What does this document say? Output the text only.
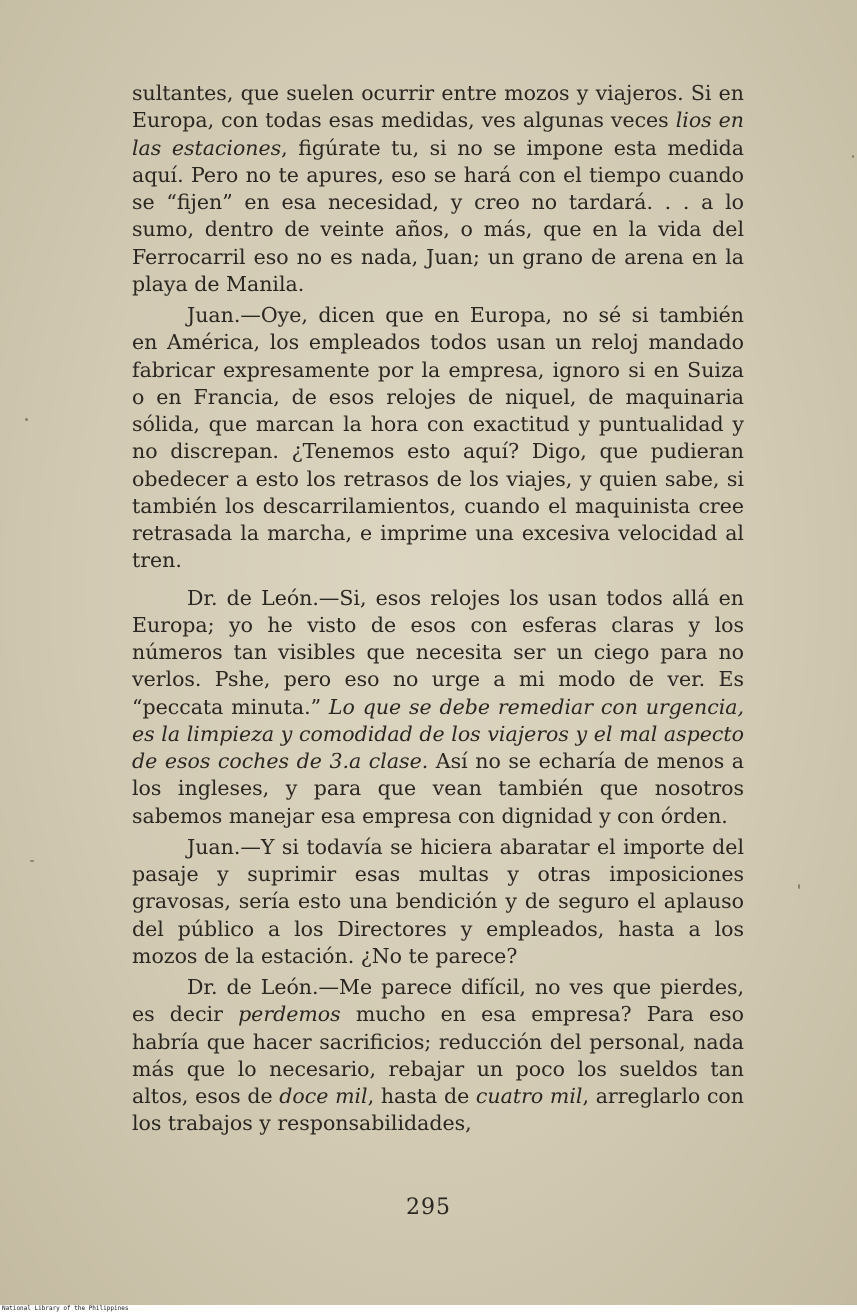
sultantes, que suelen ocurrir entre mozos y viajeros. Si en Europa, con todas esas medidas, ves algunas veces lios en las estaciones, figúrate tu, si no se impone esta medida aquí. Pero no te apures, eso se hará con el tiempo cuando se “fijen” en esa necesidad, y creo no tardará. . . a lo sumo, dentro de veinte años, o más, que en la vida del Ferrocarril eso no es nada, Juan; un grano de arena en la playa de Manila.

Juan.—Oye, dicen que en Europa, no sé si también en América, los empleados todos usan un reloj mandado fabricar expresamente por la empresa, ignoro si en Suiza o en Francia, de esos relojes de niquel, de maquinaria sólida, que marcan la hora con exactitud y puntualidad y no discrepan. ¿Tenemos esto aquí? Digo, que pudieran obedecer a esto los retrasos de los viajes, y quien sabe, si también los descarrilamientos, cuando el maquinista cree retrasada la marcha, e imprime una excesiva velocidad al tren.

Dr. de León.—Si, esos relojes los usan todos allá en Europa; yo he visto de esos con esferas claras y los números tan visibles que necesita ser un ciego para no verlos. Pshe, pero eso no urge a mi modo de ver. Es “peccata minuta.” Lo que se debe remediar con urgencia, es la limpieza y comodidad de los viajeros y el mal aspecto de esos coches de 3.a clase. Así no se echaría de menos a los ingleses, y para que vean también que nosotros sabemos manejar esa empresa con dignidad y con órden.

Juan.—Y si todavía se hiciera abaratar el importe del pasaje y suprimir esas multas y otras imposiciones gravosas, sería esto una bendición y de seguro el aplauso del público a los Directores y empleados, hasta a los mozos de la estación. ¿No te parece?

Dr. de León.—Me parece difícil, no ves que pierdes, es decir perdemos mucho en esa empresa? Para eso habría que hacer sacrificios; reducción del personal, nada más que lo necesario, rebajar un poco los sueldos tan altos, esos de doce mil, hasta de cuatro mil, arreglarlo con los trabajos y responsabilidades,

295
National Library of the Philippines
